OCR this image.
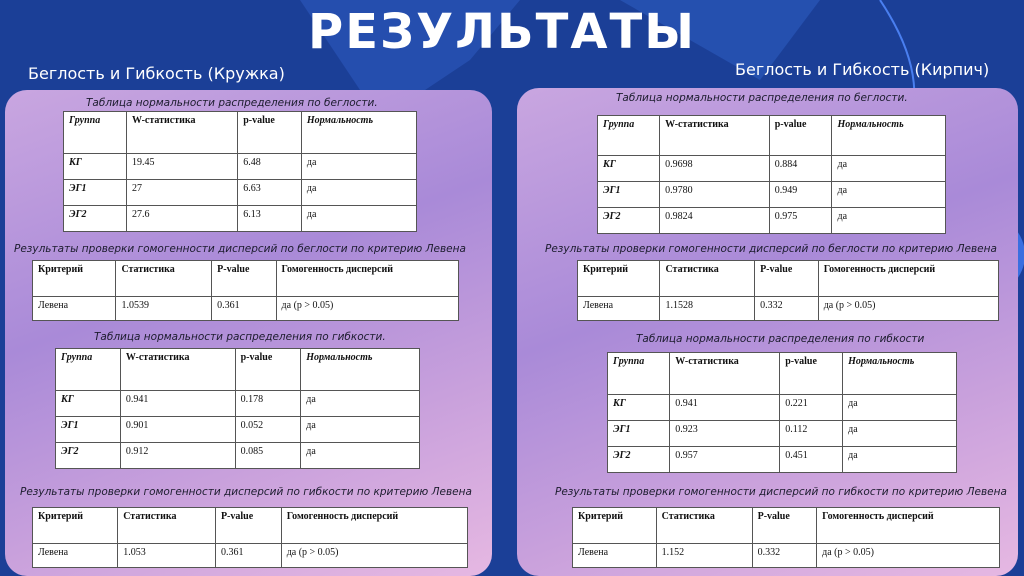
РЕЗУЛЬТАТЫ
Беглость и Гибкость (Кружка)	Беглость и Гибкость (Кирпич)
Таблица нормальности распределения по беглости.
Группа	W-статистика	p-value	Нормальность
КГ	19.45	6.48	да
ЭГ1	27	6.63	да
ЭГ2	27.6	6.13	да
Результаты проверки гомогенности дисперсий по беглости по критерию Левена
Критерий	Статистика	P-value	Гомогенность дисперсий
Левена	1.0539	0.361	да (p > 0.05)
Таблица нормальности распределения по гибкости.
Группа	W-статистика	p-value	Нормальность
КГ	0.941	0.178	да
ЭГ1	0.901	0.052	да
ЭГ2	0.912	0.085	да
Результаты проверки гомогенности дисперсий по гибкости по критерию Левена
Критерий	Статистика	P-value	Гомогенность дисперсий
Левена	1.053	0.361	да (p > 0.05)
Таблица нормальности распределения по беглости.
Группа	W-статистика	p-value	Нормальность
КГ	0.9698	0.884	да
ЭГ1	0.9780	0.949	да
ЭГ2	0.9824	0.975	да
Результаты проверки гомогенности дисперсий по беглости по критерию Левена
Критерий	Статистика	P-value	Гомогенность дисперсий
Левена	1.1528	0.332	да (p > 0.05)
Таблица нормальности распределения по гибкости
Группа	W-статистика	p-value	Нормальность
КГ	0.941	0.221	да
ЭГ1	0.923	0.112	да
ЭГ2	0.957	0.451	да
Результаты проверки гомогенности дисперсий по гибкости по критерию Левена
Критерий	Статистика	P-value	Гомогенность дисперсий
Левена	1.152	0.332	да (p > 0.05)
